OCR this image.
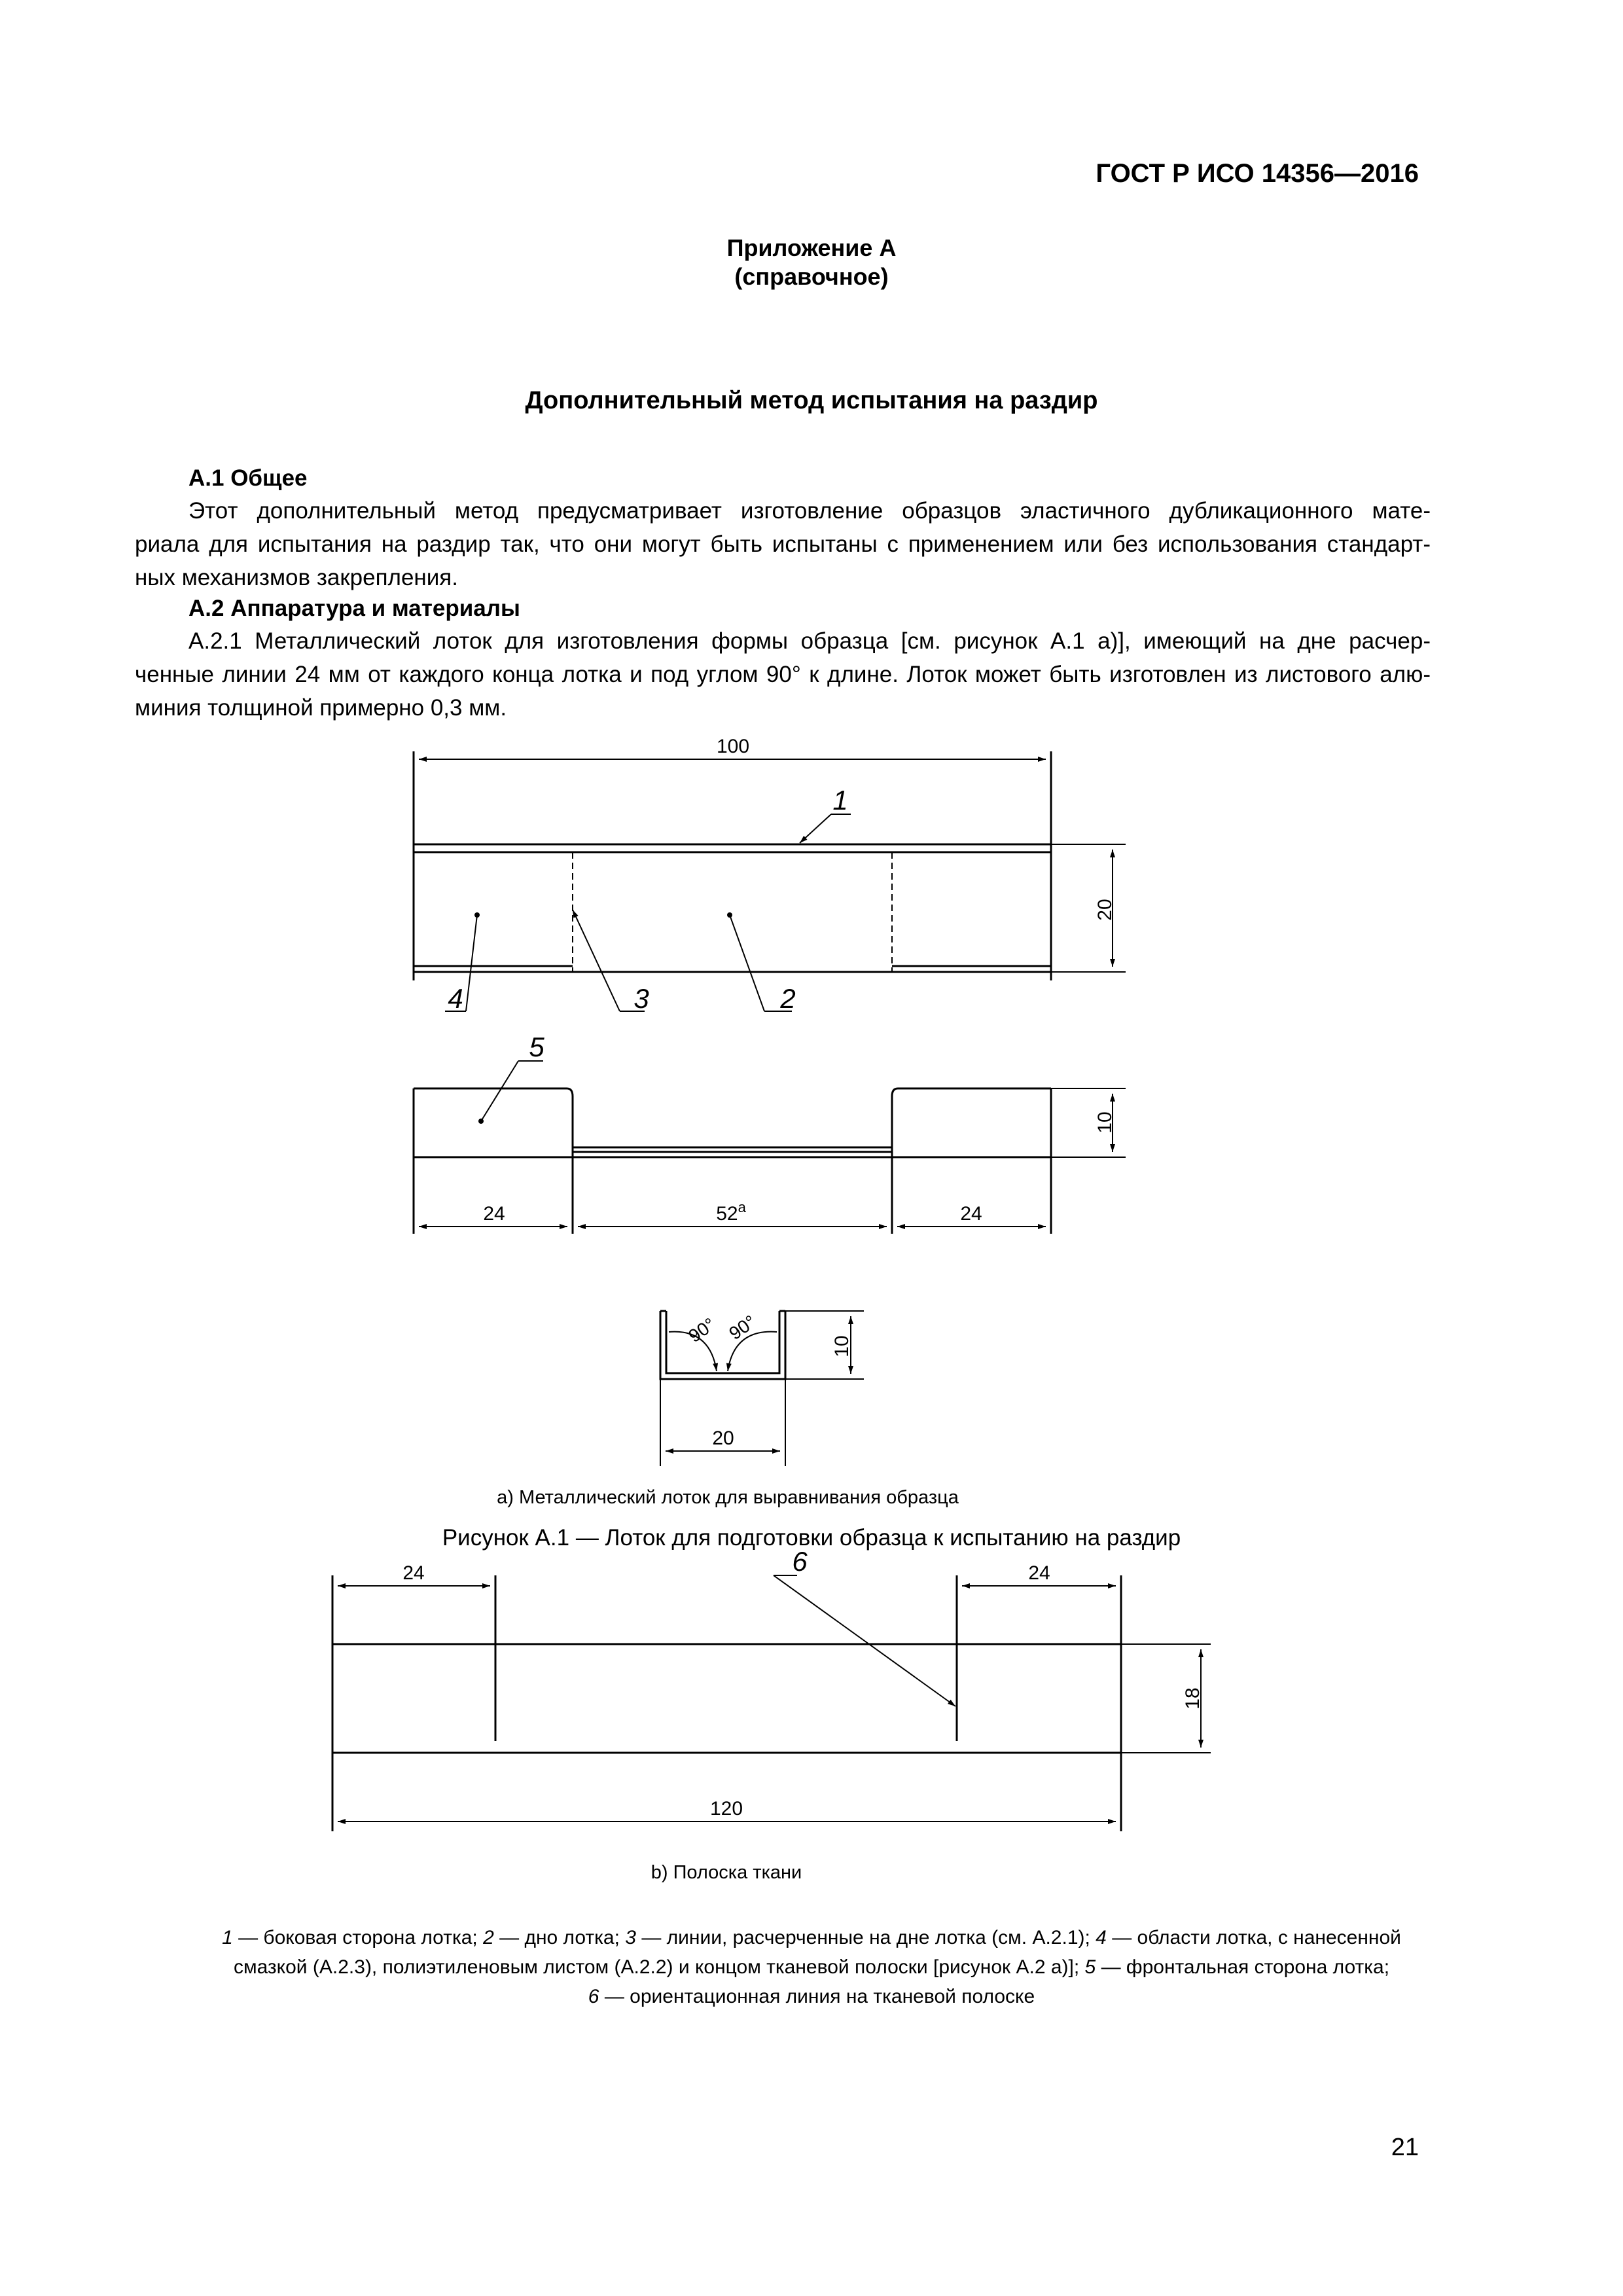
ГОСТ Р ИСО 14356—2016
Приложение А
(справочное)
Дополнительный метод испытания на раздир
А.1 Общее
Этот дополнительный метод предусматривает изготовление образцов эластичного дубликационного мате-
риала для испытания на раздир так, что они могут быть испытаны с применением или без использования стандарт-
ных механизмов закрепления.
А.2 Аппаратура и материалы
А.2.1 Металлический лоток для изготовления формы образца [см. рисунок А.1 а)], имеющий на дне расчер-
ченные линии 24 мм от каждого конца лотка и под углом 90° к длине. Лоток может быть изготовлен из листового алю-
миния толщиной примерно 0,3 мм.
100
20
10
24	52$^a$	24
10
20
90° 90°
24	24
18
120
1
4	3	2
5
6
а) Металлический лоток для выравнивания образца
b) Полоска ткани
1 — боковая сторона лотка; 2 — дно лотка; 3 — линии, расчерченные на дне лотка (см. А.2.1); 4 — области лотка, с нанесенной
смазкой (А.2.3), полиэтиленовым листом (А.2.2) и концом тканевой полоски [рисунок А.2 а)]; 5 — фронтальная сторона лотка;
6 — ориентационная линия на тканевой полоске
Рисунок А.1 — Лоток для подготовки образца к испытанию на раздир
21
